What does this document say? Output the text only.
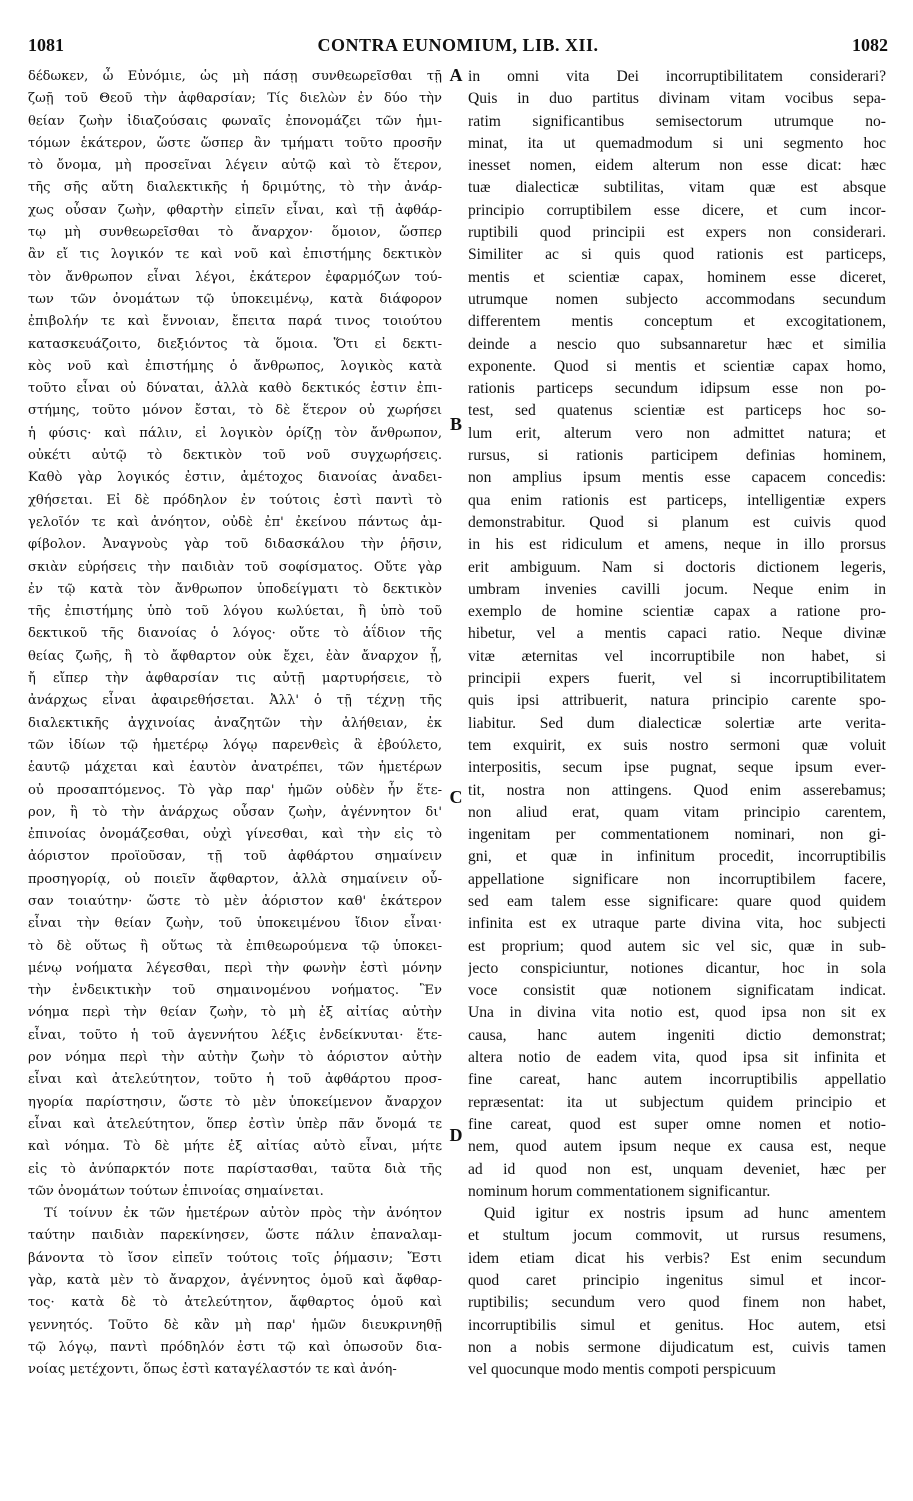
1081	CONTRA EUNOMIUM, LIB. XII.	1082

δέδωκεν, ὦ Εὐνόμιε, ὡς μὴ πάσῃ συνθεωρεῖσθαι τῇ

ζωῇ τοῦ Θεοῦ τὴν ἀφθαρσίαν; Τίς διελὼν ἐν δύο τὴν

θείαν ζωὴν ἰδιαζούσαις φωναῖς ἐπονομάζει τῶν ἡμι-

τόμων ἑκάτερον, ὥστε ὥσπερ ἂν τμήματι τοῦτο προσῆν

τὸ ὄνομα, μὴ προσεῖναι λέγειν αὐτῷ καὶ τὸ ἕτερον,

τῆς σῆς αὕτη διαλεκτικῆς ἡ δριμύτης, τὸ τὴν ἀνάρ-

χως οὖσαν ζωὴν, φθαρτὴν εἰπεῖν εἶναι, καὶ τῇ ἀφθάρ-

τῳ μὴ συνθεωρεῖσθαι τὸ ἄναρχον· ὅμοιον, ὥσπερ

ἂν εἴ τις λογικόν τε καὶ νοῦ καὶ ἐπιστήμης δεκτικὸν

τὸν ἄνθρωπον εἶναι λέγοι, ἑκάτερον ἐφαρμόζων τού-

των τῶν ὀνομάτων τῷ ὑποκειμένῳ, κατὰ διάφορον

ἐπιβολήν τε καὶ ἔννοιαν, ἔπειτα παρά τινος τοιούτου

κατασκευάζοιτο, διεξιόντος τὰ ὅμοια. Ὅτι εἰ δεκτι-

κὸς νοῦ καὶ ἐπιστήμης ὁ ἄνθρωπος, λογικὸς κατὰ

τοῦτο εἶναι οὐ δύναται, ἀλλὰ καθὸ δεκτικός ἐστιν ἐπι-

στήμης, τοῦτο μόνον ἔσται, τὸ δὲ ἕτερον οὐ χωρήσει

ἡ φύσις· καὶ πάλιν, εἰ λογικὸν ὁρίζῃ τὸν ἄνθρωπον,

οὐκέτι αὐτῷ τὸ δεκτικὸν τοῦ νοῦ συγχωρήσεις.

Καθὸ γὰρ λογικός ἐστιν, ἀμέτοχος διανοίας ἀναδει-

χθήσεται. Εἰ δὲ πρόδηλον ἐν τούτοις ἐστὶ παντὶ τὸ

γελοῖόν τε καὶ ἀνόητον, οὐδὲ ἐπ' ἐκείνου πάντως ἀμ-

φίβολον. Ἀναγνοὺς γὰρ τοῦ διδασκάλου τὴν ῥῆσιν,

σκιὰν εὑρήσεις τὴν παιδιὰν τοῦ σοφίσματος. Οὔτε γὰρ

ἐν τῷ κατὰ τὸν ἄνθρωπον ὑποδείγματι τὸ δεκτικὸν

τῆς ἐπιστήμης ὑπὸ τοῦ λόγου κωλύεται, ἢ ὑπὸ τοῦ

δεκτικοῦ τῆς διανοίας ὁ λόγος· οὔτε τὸ ἀΐδιον τῆς

θείας ζωῆς, ἢ τὸ ἄφθαρτον οὐκ ἔχει, ἐὰν ἄναρχον ᾖ,

ἤ εἴπερ τὴν ἀφθαρσίαν τις αὐτῇ μαρτυρήσειε, τὸ

ἀνάρχως εἶναι ἀφαιρεθήσεται. Ἀλλ' ὁ τῇ τέχνῃ τῆς

διαλεκτικῆς ἀγχινοίας ἀναζητῶν τὴν ἀλήθειαν, ἐκ

τῶν ἰδίων τῷ ἡμετέρῳ λόγῳ παρενθεὶς ἃ ἐβούλετο,

ἑαυτῷ μάχεται καὶ ἑαυτὸν ἀνατρέπει, τῶν ἡμετέρων

οὐ προσαπτόμενος. Τὸ γὰρ παρ' ἡμῶν οὐδὲν ἦν ἕτε-

ρον, ἢ τὸ τὴν ἀνάρχως οὖσαν ζωὴν, ἀγέννητον δι'

ἐπινοίας ὀνομάζεσθαι, οὐχὶ γίνεσθαι, καὶ τὴν εἰς τὸ

ἀόριστον προϊοῦσαν, τῇ τοῦ ἀφθάρτου σημαίνειν

προσηγορίᾳ, οὐ ποιεῖν ἄφθαρτον, ἀλλὰ σημαίνειν οὖ-

σαν τοιαύτην· ὥστε τὸ μὲν ἀόριστον καθ' ἑκάτερον

εἶναι τὴν θείαν ζωὴν, τοῦ ὑποκειμένου ἴδιον εἶναι·

τὸ δὲ οὕτως ἢ οὕτως τὰ ἐπιθεωρούμενα τῷ ὑποκει-

μένῳ νοήματα λέγεσθαι, περὶ τὴν φωνὴν ἐστὶ μόνην

τὴν ἐνδεικτικὴν τοῦ σημαινομένου νοήματος. Ἓν

νόημα περὶ τὴν θείαν ζωὴν, τὸ μὴ ἐξ αἰτίας αὐτὴν

εἶναι, τοῦτο ἡ τοῦ ἀγεννήτου λέξις ἐνδείκνυται· ἕτε-

ρον νόημα περὶ τὴν αὐτὴν ζωὴν τὸ ἀόριστον αὐτὴν

εἶναι καὶ ἀτελεύτητον, τοῦτο ἡ τοῦ ἀφθάρτου προσ-

ηγορία παρίστησιν, ὥστε τὸ μὲν ὑποκείμενον ἄναρχον

εἶναι καὶ ἀτελεύτητον, ὅπερ ἐστὶν ὑπὲρ πᾶν ὄνομά τε

καὶ νόημα. Τὸ δὲ μήτε ἐξ αἰτίας αὐτὸ εἶναι, μήτε

εἰς τὸ ἀνύπαρκτόν ποτε παρίστασθαι, ταῦτα διὰ τῆς

τῶν ὀνομάτων τούτων ἐπινοίας σημαίνεται.

Τί τοίνυν ἐκ τῶν ἡμετέρων αὐτὸν πρὸς τὴν ἀνόητον

ταύτην παιδιὰν παρεκίνησεν, ὥστε πάλιν ἐπαναλαμ-

βάνοντα τὸ ἴσον εἰπεῖν τούτοις τοῖς ῥήμασιν; Ἔστι

γὰρ, κατὰ μὲν τὸ ἄναρχον, ἀγέννητος ὁμοῦ καὶ ἄφθαρ-

τος· κατὰ δὲ τὸ ἀτελεύτητον, ἄφθαρτος ὁμοῦ καὶ

γεννητός. Τοῦτο δὲ κἂν μὴ παρ' ἡμῶν διευκρινηθῇ

τῷ λόγῳ, παντὶ πρόδηλόν ἐστι τῷ καὶ ὁπωσοῦν δια-

νοίας μετέχοντι, ὅπως ἐστὶ καταγέλαστόν τε καὶ ἀνόη-

in omni vita Dei incorruptibilitatem considerari?

Quis in duo partitus divinam vitam vocibus sepa-

ratim significantibus semisectorum utrumque no-

minat, ita ut quemadmodum si uni segmento hoc

inesset nomen, eidem alterum non esse dicat: hæc

tuæ dialecticæ subtilitas, vitam quæ est absque

principio corruptibilem esse dicere, et cum incor-

ruptibili quod principii est expers non considerari.

Similiter ac si quis quod rationis est particeps,

mentis et scientiæ capax, hominem esse diceret,

utrumque nomen subjecto accommodans secundum

differentem mentis conceptum et excogitationem,

deinde a nescio quo subsannaretur hæc et similia

exponente. Quod si mentis et scientiæ capax homo,

rationis particeps secundum idipsum esse non po-

test, sed quatenus scientiæ est particeps hoc so-

lum erit, alterum vero non admittet natura; et

rursus, si rationis participem definias hominem,

non amplius ipsum mentis esse capacem concedis:

qua enim rationis est particeps, intelligentiæ expers

demonstrabitur. Quod si planum est cuivis quod

in his est ridiculum et amens, neque in illo prorsus

erit ambiguum. Nam si doctoris dictionem legeris,

umbram invenies cavilli jocum. Neque enim in

exemplo de homine scientiæ capax a ratione pro-

hibetur, vel a mentis capaci ratio. Neque divinæ

vitæ æternitas vel incorruptibile non habet, si

principii expers fuerit, vel si incorruptibilitatem

quis ipsi attribuerit, natura principio carente spo-

liabitur. Sed dum dialecticæ solertiæ arte verita-

tem exquirit, ex suis nostro sermoni quæ voluit

interpositis, secum ipse pugnat, seque ipsum ever-

tit, nostra non attingens. Quod enim asserebamus;

non aliud erat, quam vitam principio carentem,

ingenitam per commentationem nominari, non gi-

gni, et quæ in infinitum procedit, incorruptibilis

appellatione significare non incorruptibilem facere,

sed eam talem esse significare: quare quod quidem

infinita est ex utraque parte divina vita, hoc subjecti

est proprium; quod autem sic vel sic, quæ in sub-

jecto conspiciuntur, notiones dicantur, hoc in sola

voce consistit quæ notionem significatam indicat.

Una in divina vita notio est, quod ipsa non sit ex

causa, hanc autem ingeniti dictio demonstrat;

altera notio de eadem vita, quod ipsa sit infinita et

fine careat, hanc autem incorruptibilis appellatio

repræsentat: ita ut subjectum quidem principio et

fine careat, quod est super omne nomen et notio-

nem, quod autem ipsum neque ex causa est, neque

ad id quod non est, unquam deveniet, hæc per

nominum horum commentationem significantur.

Quid igitur ex nostris ipsum ad hunc amentem

et stultum jocum commovit, ut rursus resumens,

idem etiam dicat his verbis? Est enim secundum

quod caret principio ingenitus simul et incor-

ruptibilis; secundum vero quod finem non habet,

incorruptibilis simul et genitus. Hoc autem, etsi

non a nobis sermone dijudicatum est, cuivis tamen

vel quocunque modo mentis compoti perspicuum

A
B
C
D
